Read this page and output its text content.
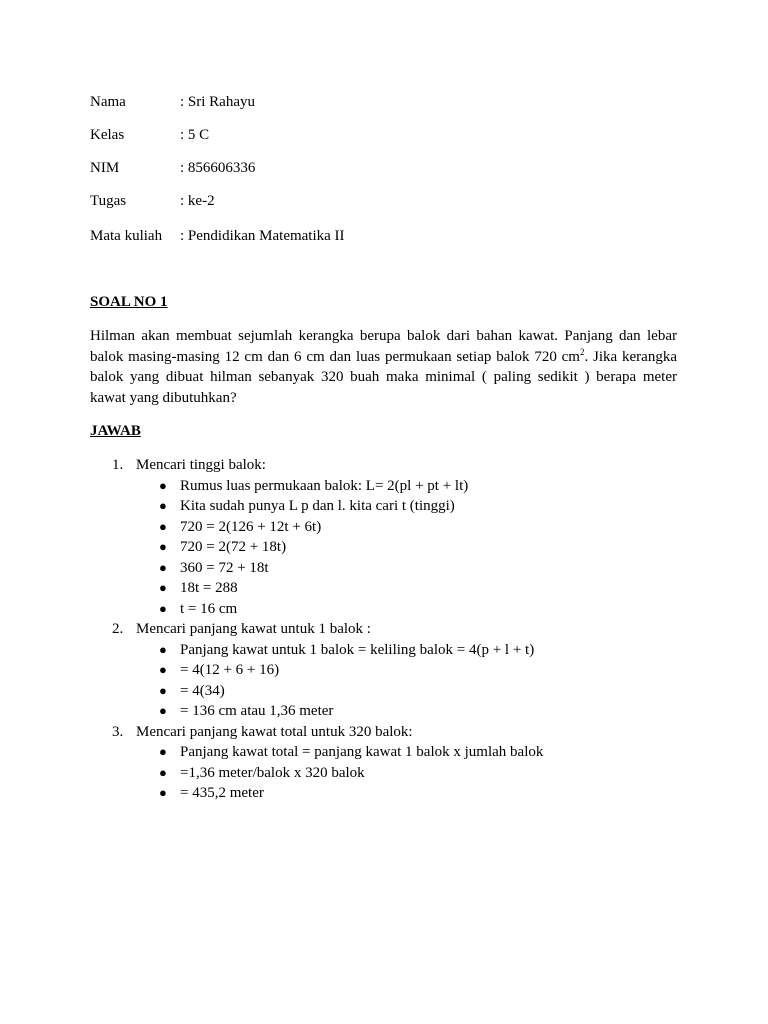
Nama	: Sri Rahayu
Kelas	: 5 C
NIM	: 856606336
Tugas	: ke-2
Mata kuliah : Pendidikan Matematika II
SOAL NO 1
Hilman akan membuat sejumlah kerangka berupa balok dari bahan kawat. Panjang dan lebar
balok masing-masing 12 cm dan 6 cm dan luas permukaan setiap balok 720 $cm^2$. Jika kerangka
balok yang dibuat hilman sebanyak 320 buah maka minimal ( paling sedikit ) berapa meter
kawat yang dibutuhkan?
JAWAB
1. Mencari tinggi balok:
● Rumus luas permukaan balok: L= 2(pl + pt + lt)
● Kita sudah punya L p dan l. kita cari t (tinggi)
● 720 = 2(126 + 12t + 6t)
● 720 = 2(72 + 18t)
● 360 = 72 + 18t
● 18t = 288
● t = 16 cm
2. Mencari panjang kawat untuk 1 balok :
● Panjang kawat untuk 1 balok = keliling balok = 4(p + l + t)
● = 4(12 + 6 + 16)
● = 4(34)
● = 136 cm atau 1,36 meter
3. Mencari panjang kawat total untuk 320 balok:
● Panjang kawat total = panjang kawat 1 balok x jumlah balok
● =1,36 meter/balok x 320 balok
● = 435,2 meter
